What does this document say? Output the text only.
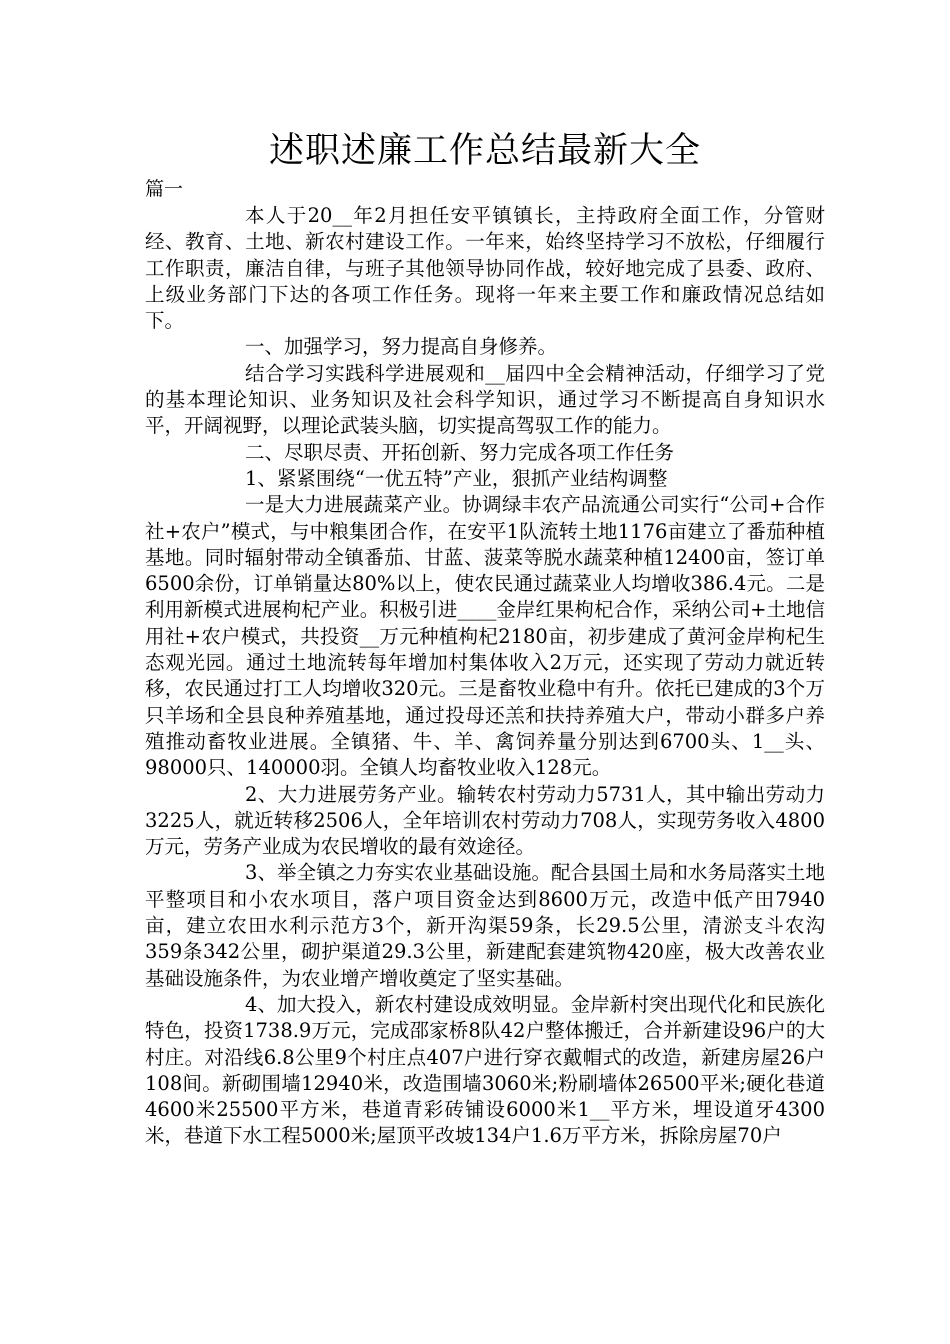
述职述廉工作总结最新大全

篇一

本人于20__年2月担任安平镇镇长，主持政府全面工作，分管财经、教育、土地、新农村建设工作。一年来，始终坚持学习不放松，仔细履行工作职责，廉洁自律，与班子其他领导协同作战，较好地完成了县委、政府、上级业务部门下达的各项工作任务。现将一年来主要工作和廉政情况总结如下。

一、加强学习，努力提高自身修养。

结合学习实践科学进展观和__届四中全会精神活动，仔细学习了党的基本理论知识、业务知识及社会科学知识，通过学习不断提高自身知识水平，开阔视野，以理论武装头脑，切实提高驾驭工作的能力。

二、尽职尽责、开拓创新、努力完成各项工作任务

1、紧紧围绕“一优五特”产业，狠抓产业结构调整

一是大力进展蔬菜产业。协调绿丰农产品流通公司实行“公司+合作社+农户”模式，与中粮集团合作，在安平1队流转土地1176亩建立了番茄种植基地。同时辐射带动全镇番茄、甘蓝、菠菜等脱水蔬菜种植12400亩，签订单6500余份，订单销量达80%以上，使农民通过蔬菜业人均增收386.4元。二是利用新模式进展枸杞产业。积极引进____金岸红果枸杞合作，采纳公司+土地信用社+农户模式，共投资__万元种植枸杞2180亩，初步建成了黄河金岸枸杞生态观光园。通过土地流转每年增加村集体收入2万元，还实现了劳动力就近转移，农民通过打工人均增收320元。三是畜牧业稳中有升。依托已建成的3个万只羊场和全县良种养殖基地，通过投母还羔和扶持养殖大户，带动小群多户养殖推动畜牧业进展。全镇猪、牛、羊、禽饲养量分别达到6700头、1__头、98000只、140000羽。全镇人均畜牧业收入128元。

2、大力进展劳务产业。输转农村劳动力5731人，其中输出劳动力3225人，就近转移2506人，全年培训农村劳动力708人，实现劳务收入4800万元，劳务产业成为农民增收的最有效途径。

3、举全镇之力夯实农业基础设施。配合县国土局和水务局落实土地平整项目和小农水项目，落户项目资金达到8600万元，改造中低产田7940亩，建立农田水利示范方3个，新开沟渠59条，长29.5公里，清淤支斗农沟359条342公里，砌护渠道29.3公里，新建配套建筑物420座，极大改善农业基础设施条件，为农业增产增收奠定了坚实基础。

4、加大投入，新农村建设成效明显。金岸新村突出现代化和民族化特色，投资1738.9万元，完成邵家桥8队42户整体搬迁，合并新建设96户的大村庄。对沿线6.8公里9个村庄点407户进行穿衣戴帽式的改造，新建房屋26户108间。新砌围墙12940米，改造围墙3060米;粉刷墙体26500平米;硬化巷道4600米25500平方米，巷道青彩砖铺设6000米1__平方米，埋设道牙4300米，巷道下水工程5000米;屋顶平改坡134户1.6万平方米，拆除房屋70户
